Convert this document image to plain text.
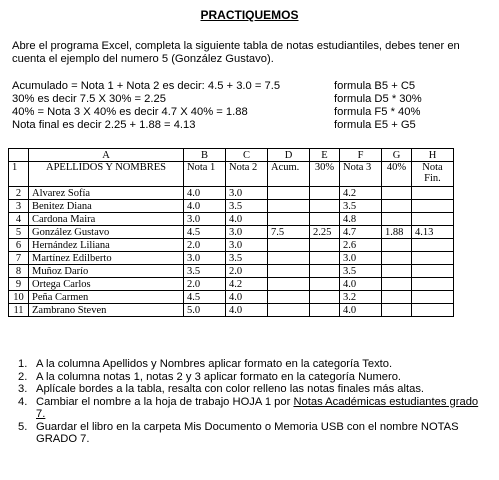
PRACTIQUEMOS
Abre el programa Excel, completa la siguiente tabla de notas estudiantiles, debes tener en cuenta el ejemplo del numero 5 (González Gustavo).
Acumulado = Nota 1 + Nota 2 es decir: 4.5 + 3.0 = 7.5	formula B5 + C5
30% es decir 7.5 X 30% = 2.25	formula D5 * 30%
40% = Nota 3 X 40% es decir 4.7 X 40% = 1.88	formula F5 * 40%
Nota final es decir 2.25 + 1.88 = 4.13	formula E5 + G5
	A	B	C	D	E	F	G	H
1	APELLIDOS Y NOMBRES	Nota 1	Nota 2	Acum.	30%	Nota 3	40%	Nota Fin.
2	Alvarez Sofía	4.0	3.0			4.2		
3	Benitez Diana	4.0	3.5			3.5		
4	Cardona Maira	3.0	4.0			4.8		
5	González Gustavo	4.5	3.0	7.5	2.25	4.7	1.88	4.13
6	Hernández Liliana	2.0	3.0			2.6		
7	Martínez Edilberto	3.0	3.5			3.0		
8	Muñoz Darío	3.5	2.0			3.5		
9	Ortega Carlos	2.0	4.2			4.0		
10	Peña Carmen	4.5	4.0			3.2		
11	Zambrano Steven	5.0	4.0			4.0		
1. A la columna Apellidos y Nombres aplicar formato en la categoría Texto.
2. A la columna notas 1, notas 2 y 3 aplicar formato en la categoría Numero.
3. Aplícale bordes a la tabla, resalta con color relleno las notas finales más altas.
4. Cambiar el nombre a la hoja de trabajo HOJA 1 por Notas Académicas estudiantes grado 7.
5. Guardar el libro en la carpeta Mis Documento o Memoria USB con el nombre NOTAS GRADO 7.
